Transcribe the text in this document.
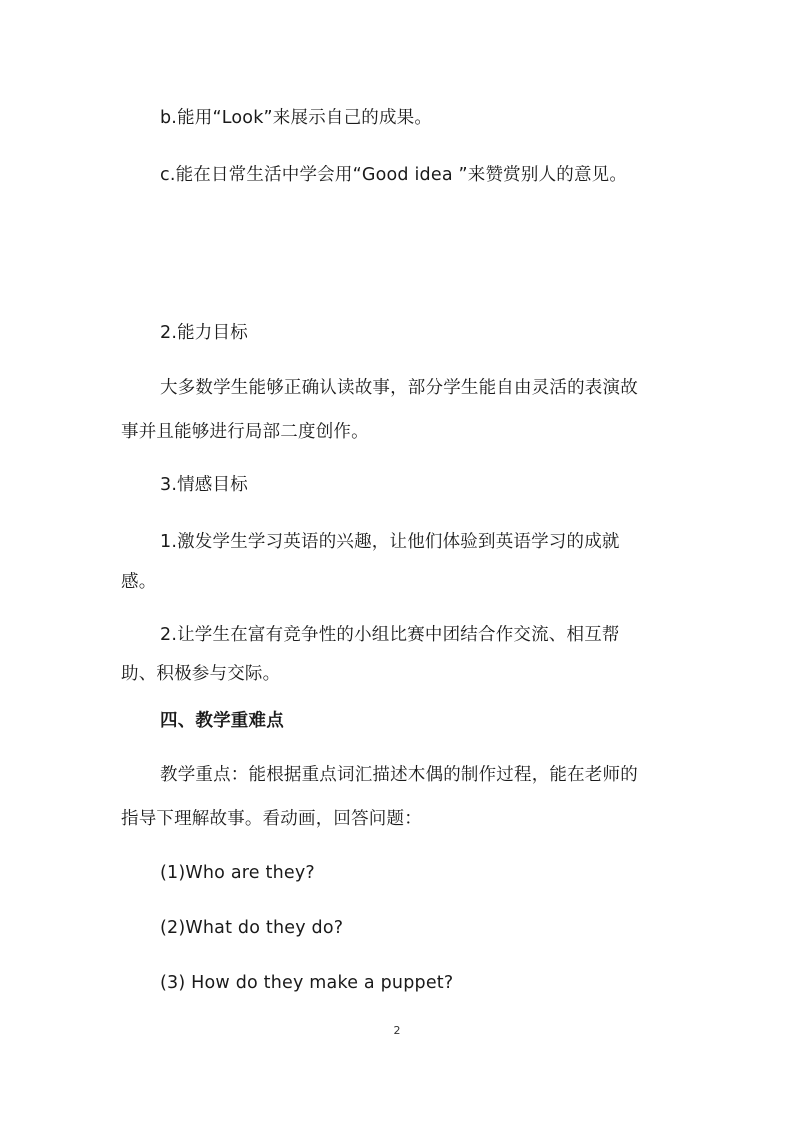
b.能用“Look”来展示自己的成果。
c.能在日常生活中学会用“Good idea ”来赞赏别人的意见。
2.能力目标
大多数学生能够正确认读故事，部分学生能自由灵活的表演故
事并且能够进行局部二度创作。
3.情感目标
1.激发学生学习英语的兴趣，让他们体验到英语学习的成就
感。
2.让学生在富有竞争性的小组比赛中团结合作交流、相互帮
助、积极参与交际。
四、教学重难点
教学重点：能根据重点词汇描述木偶的制作过程，能在老师的
指导下理解故事。看动画，回答问题：
(1)Who are they?
(2)What do they do?
(3) How do they make a puppet?
2
